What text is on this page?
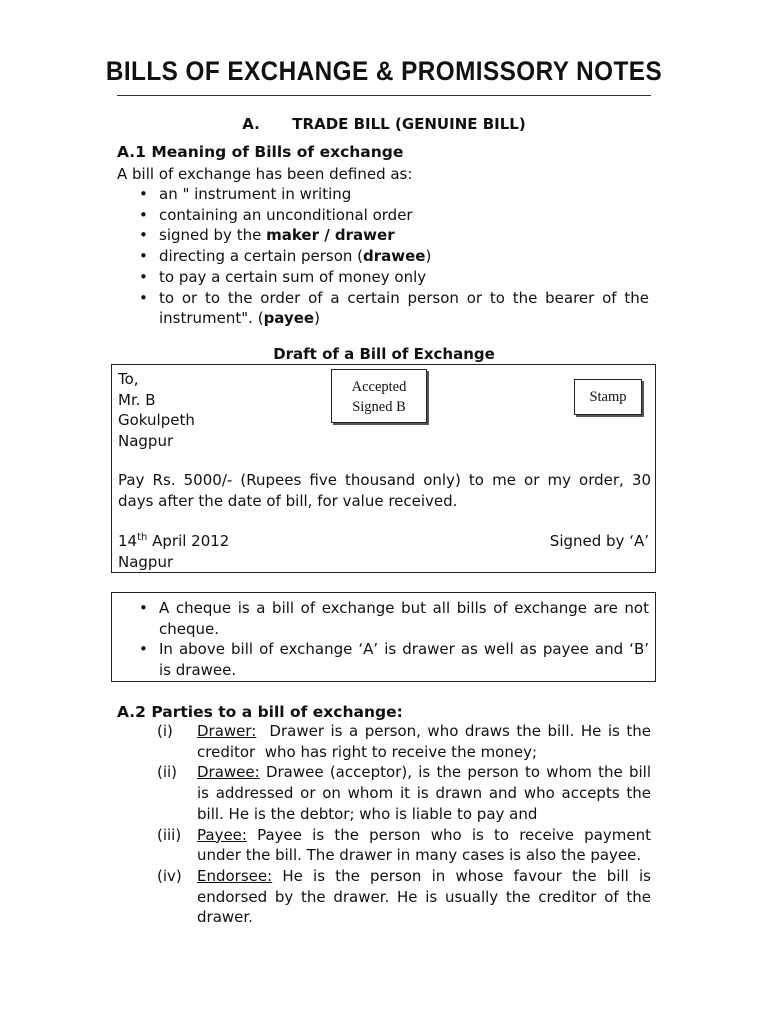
BILLS OF EXCHANGE & PROMISSORY NOTES
A. TRADE BILL (GENUINE BILL)
A.1 Meaning of Bills of exchange
A bill of exchange has been defined as:
• an " instrument in writing
• containing an unconditional order
• signed by the maker / drawer
• directing a certain person (drawee)
• to pay a certain sum of money only
• to or to the order of a certain person or to the bearer of the instrument". (payee)
Draft of a Bill of Exchange
To,
Mr. B
Gokulpeth
Nagpur
Accepted
Signed B
Stamp
Pay Rs. 5000/- (Rupees five thousand only) to me or my order, 30 days after the date of bill, for value received.
14th April 2012	Signed by ‘A’
Nagpur
• A cheque is a bill of exchange but all bills of exchange are not cheque.
• In above bill of exchange ‘A’ is drawer as well as payee and ‘B’ is drawee.
A.2 Parties to a bill of exchange:
(i)	Drawer:  Drawer is a person, who draws the bill. He is the creditor  who has right to receive the money;
(ii)	Drawee: Drawee (acceptor), is the person to whom the bill is addressed or on whom it is drawn and who accepts the bill. He is the debtor; who is liable to pay and
(iii)	Payee: Payee is the person who is to receive payment under the bill. The drawer in many cases is also the payee.
(iv)	Endorsee: He is the person in whose favour the bill is endorsed by the drawer. He is usually the creditor of the drawer.
